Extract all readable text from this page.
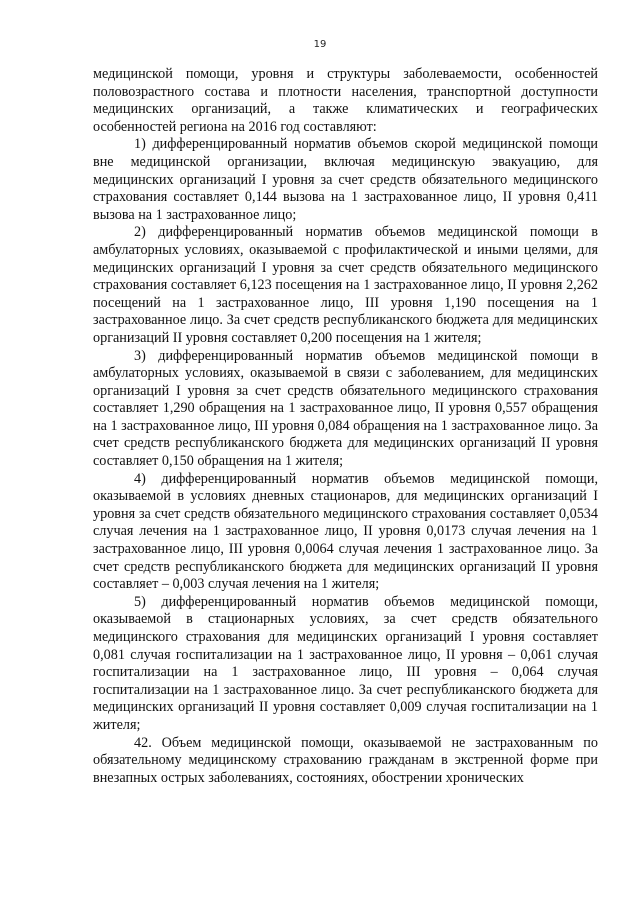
19

медицинской помощи, уровня и структуры заболеваемости, особенностей половозрастного состава и плотности населения, транспортной доступности медицинских организаций, а также климатических и географических особенностей региона на 2016 год составляют:

1) дифференцированный норматив объемов скорой медицинской помощи вне медицинской организации, включая медицинскую эвакуацию, для медицинских организаций I уровня за счет средств обязательного медицинского страхования составляет 0,144 вызова на 1 застрахованное лицо, II уровня 0,411 вызова на 1 застрахованное лицо;

2) дифференцированный норматив объемов медицинской помощи в амбулаторных условиях, оказываемой с профилактической и иными целями, для медицинских организаций I уровня за счет средств обязательного медицинского страхования составляет 6,123 посещения на 1 застрахованное лицо, II уровня 2,262 посещений на 1 застрахованное лицо, III уровня 1,190 посещения на 1 застрахованное лицо. За счет средств республиканского бюджета для медицинских организаций II уровня составляет 0,200 посещения на 1 жителя;

3) дифференцированный норматив объемов медицинской помощи в амбулаторных условиях, оказываемой в связи с заболеванием, для медицинских организаций I уровня за счет средств обязательного медицинского страхования составляет 1,290 обращения на 1 застрахованное лицо, II уровня 0,557 обращения на 1 застрахованное лицо, III уровня 0,084 обращения на 1 застрахованное лицо. За счет средств республиканского бюджета для медицинских организаций II уровня составляет 0,150 обращения на 1 жителя;

4) дифференцированный норматив объемов медицинской помощи, оказываемой в условиях дневных стационаров, для медицинских организаций I уровня за счет средств обязательного медицинского страхования составляет 0,0534 случая лечения на 1 застрахованное лицо, II уровня 0,0173 случая лечения на 1 застрахованное лицо, III уровня 0,0064 случая лечения 1 застрахованное лицо. За счет средств республиканского бюджета для медицинских организаций II уровня составляет – 0,003 случая лечения на 1 жителя;

5) дифференцированный норматив объемов медицинской помощи, оказываемой в стационарных условиях, за счет средств обязательного медицинского страхования для медицинских организаций I уровня составляет 0,081 случая госпитализации на 1 застрахованное лицо, II уровня – 0,061 случая госпитализации на 1 застрахованное лицо, III уровня – 0,064 случая госпитализации на 1 застрахованное лицо. За счет республиканского бюджета для медицинских организаций II уровня составляет 0,009 случая госпитализации на 1 жителя;

42. Объем медицинской помощи, оказываемой не застрахованным по обязательному медицинскому страхованию гражданам в экстренной форме при внезапных острых заболеваниях, состояниях, обострении хронических
